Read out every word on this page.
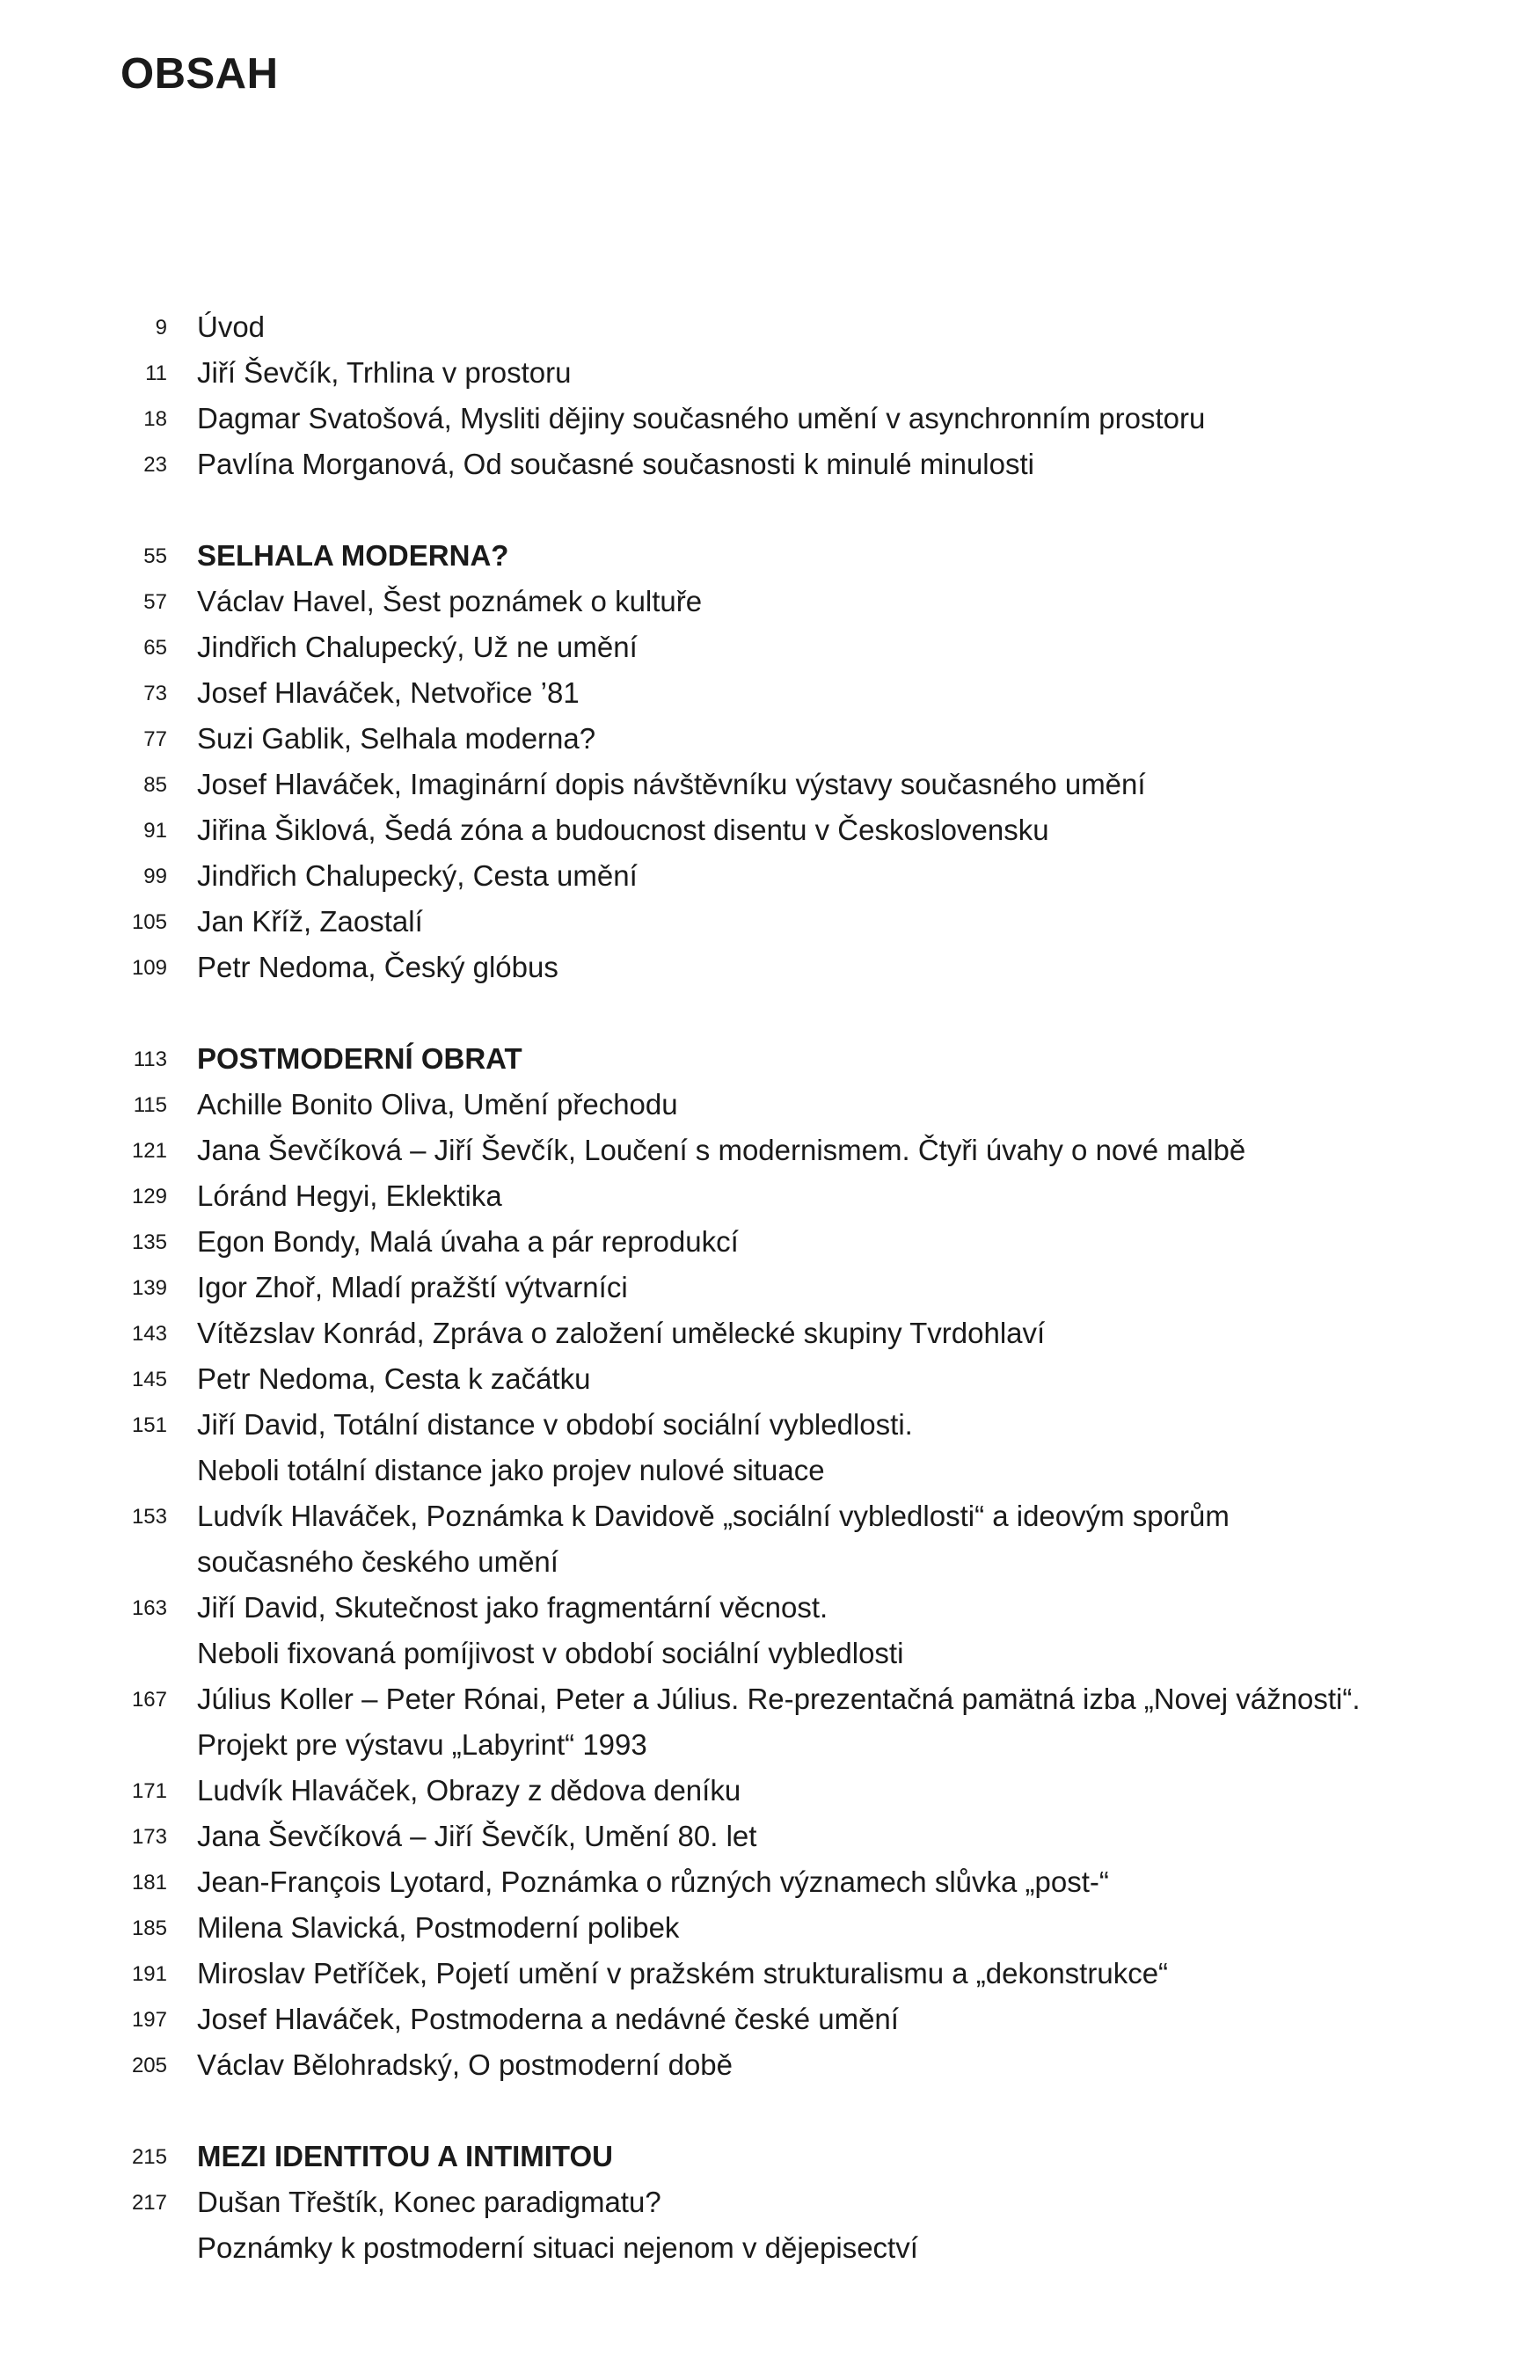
OBSAH
9 Úvod
11 Jiří Ševčík, Trhlina v prostoru
18 Dagmar Svatošová, Mysliti dějiny současného umění v asynchronním prostoru
23 Pavlína Morganová, Od současné současnosti k minulé minulosti
55 SELHALA MODERNA?
57 Václav Havel, Šest poznámek o kultuře
65 Jindřich Chalupecký, Už ne umění
73 Josef Hlaváček, Netvořice ’81
77 Suzi Gablik, Selhala moderna?
85 Josef Hlaváček, Imaginární dopis návštěvníku výstavy současného umění
91 Jiřina Šiklová, Šedá zóna a budoucnost disentu v Československu
99 Jindřich Chalupecký, Cesta umění
105 Jan Kříž, Zaostalí
109 Petr Nedoma, Český glóbus
113 POSTMODERNÍ OBRAT
115 Achille Bonito Oliva, Umění přechodu
121 Jana Ševčíková – Jiří Ševčík, Loučení s modernismem. Čtyři úvahy o nové malbě
129 Lóránd Hegyi, Eklektika
135 Egon Bondy, Malá úvaha a pár reprodukcí
139 Igor Zhoř, Mladí pražští výtvarníci
143 Vítězslav Konrád, Zpráva o založení umělecké skupiny Tvrdohlaví
145 Petr Nedoma, Cesta k začátku
151 Jiří David, Totální distance v období sociální vybledlosti.
Neboli totální distance jako projev nulové situace
153 Ludvík Hlaváček, Poznámka k Davidově „sociální vybledlosti“ a ideovým sporům
současného českého umění
163 Jiří David, Skutečnost jako fragmentární věcnost.
Neboli fixovaná pomíjivost v období sociální vybledlosti
167 Július Koller – Peter Rónai, Peter a Július. Re-prezentačná pamätná izba „Novej vážnosti“.
Projekt pre výstavu „Labyrint“ 1993
171 Ludvík Hlaváček, Obrazy z dědova deníku
173 Jana Ševčíková – Jiří Ševčík, Umění 80. let
181 Jean-François Lyotard, Poznámka o různých významech slůvka „post-“
185 Milena Slavická, Postmoderní polibek
191 Miroslav Petříček, Pojetí umění v pražském strukturalismu a „dekonstrukce“
197 Josef Hlaváček, Postmoderna a nedávné české umění
205 Václav Bělohradský, O postmoderní době
215 MEZI IDENTITOU A INTIMITOU
217 Dušan Třeštík, Konec paradigmatu?
Poznámky k postmoderní situaci nejenom v dějepisectví
